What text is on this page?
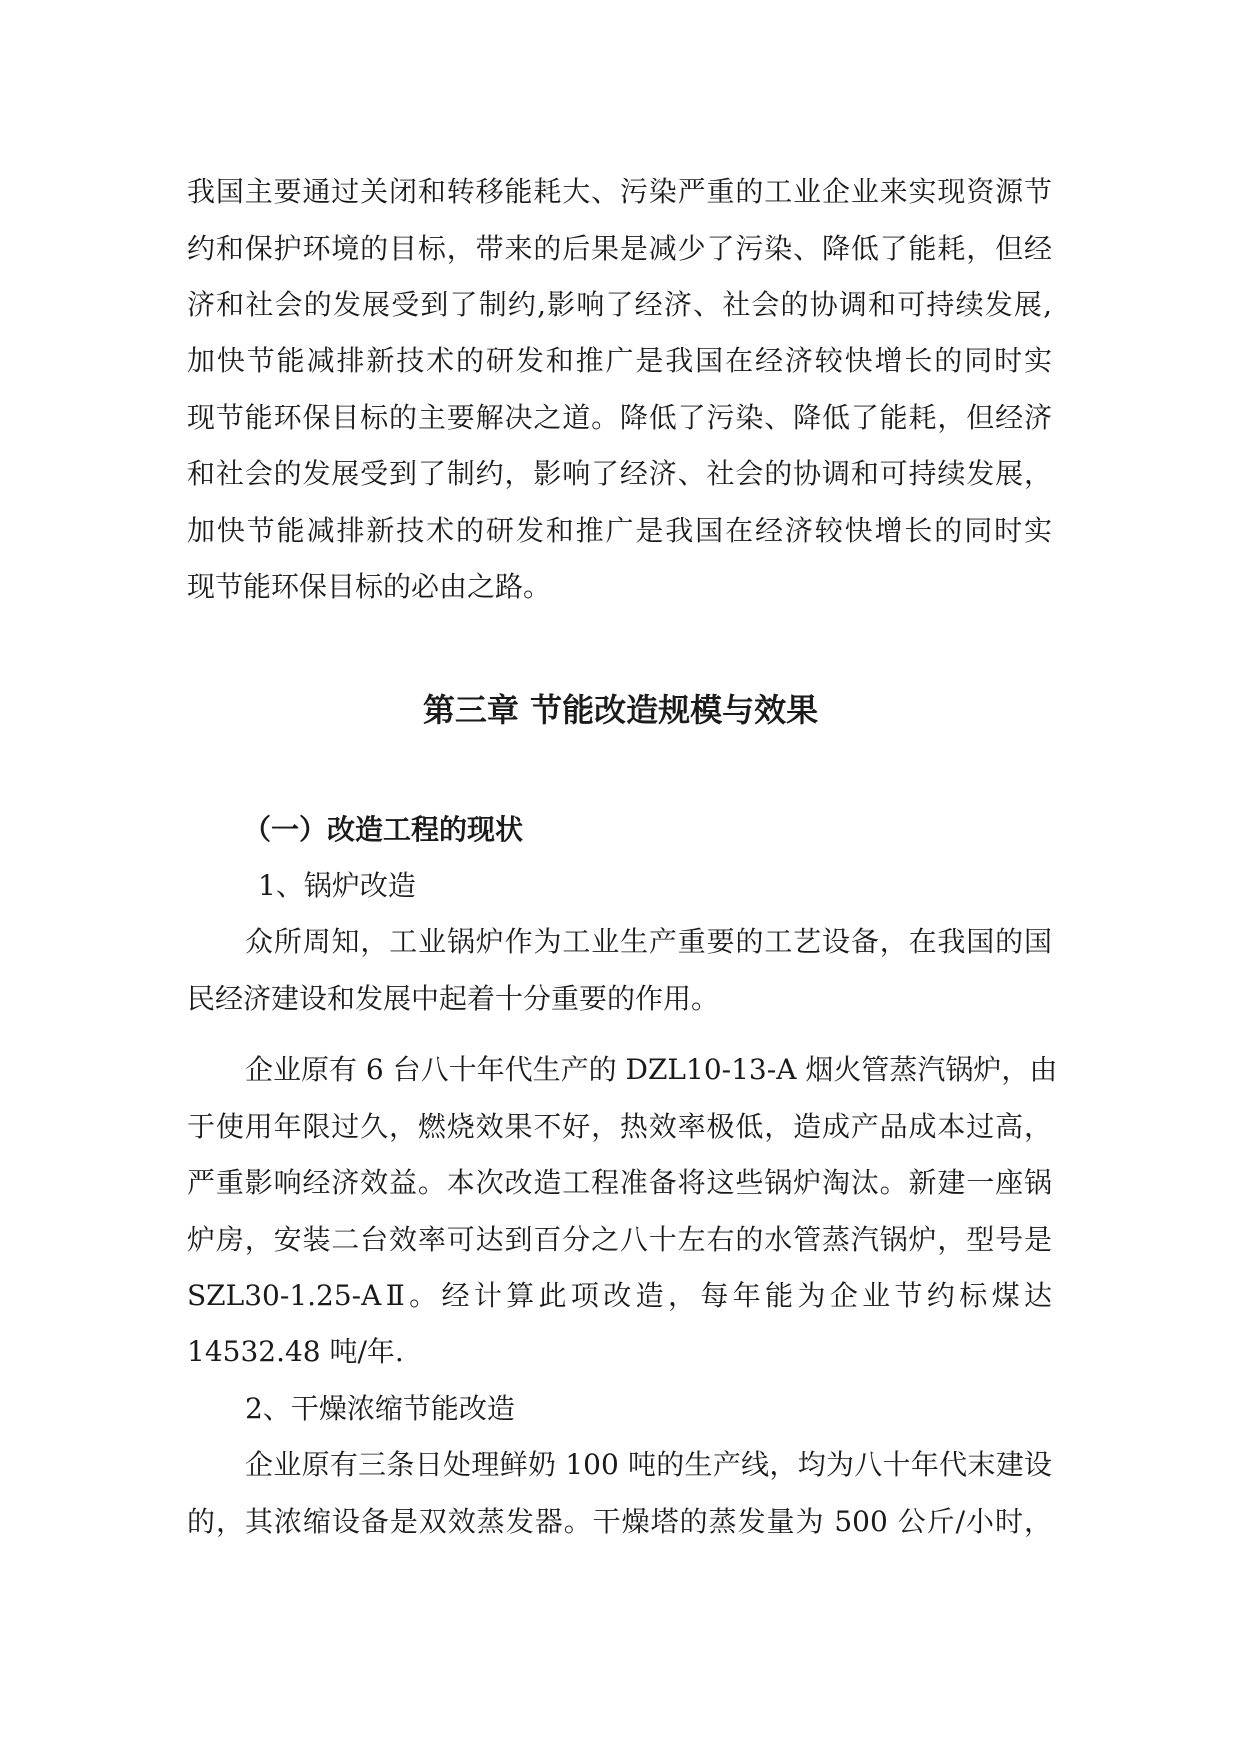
我国主要通过关闭和转移能耗大、污染严重的工业企业来实现资源节
约和保护环境的目标，带来的后果是减少了污染、降低了能耗，但经
济和社会的发展受到了制约,影响了经济、社会的协调和可持续发展,
加快节能减排新技术的研发和推广是我国在经济较快增长的同时实
现节能环保目标的主要解决之道。降低了污染、降低了能耗，但经济
和社会的发展受到了制约，影响了经济、社会的协调和可持续发展，
加快节能减排新技术的研发和推广是我国在经济较快增长的同时实
现节能环保目标的必由之路。
第三章 节能改造规模与效果
（一）改造工程的现状
1、锅炉改造
众所周知，工业锅炉作为工业生产重要的工艺设备，在我国的国
民经济建设和发展中起着十分重要的作用。
企业原有 6 台八十年代生产的 DZL10-13-A 烟火管蒸汽锅炉，由
于使用年限过久，燃烧效果不好，热效率极低，造成产品成本过高，
严重影响经济效益。本次改造工程准备将这些锅炉淘汰。新建一座锅
炉房，安装二台效率可达到百分之八十左右的水管蒸汽锅炉，型号是
SZL30-1.25-AⅡ。经计算此项改造，每年能为企业节约标煤达
14532.48 吨/年.
2、干燥浓缩节能改造
企业原有三条日处理鲜奶 100 吨的生产线，均为八十年代末建设
的，其浓缩设备是双效蒸发器。干燥塔的蒸发量为 500 公斤/小时，
